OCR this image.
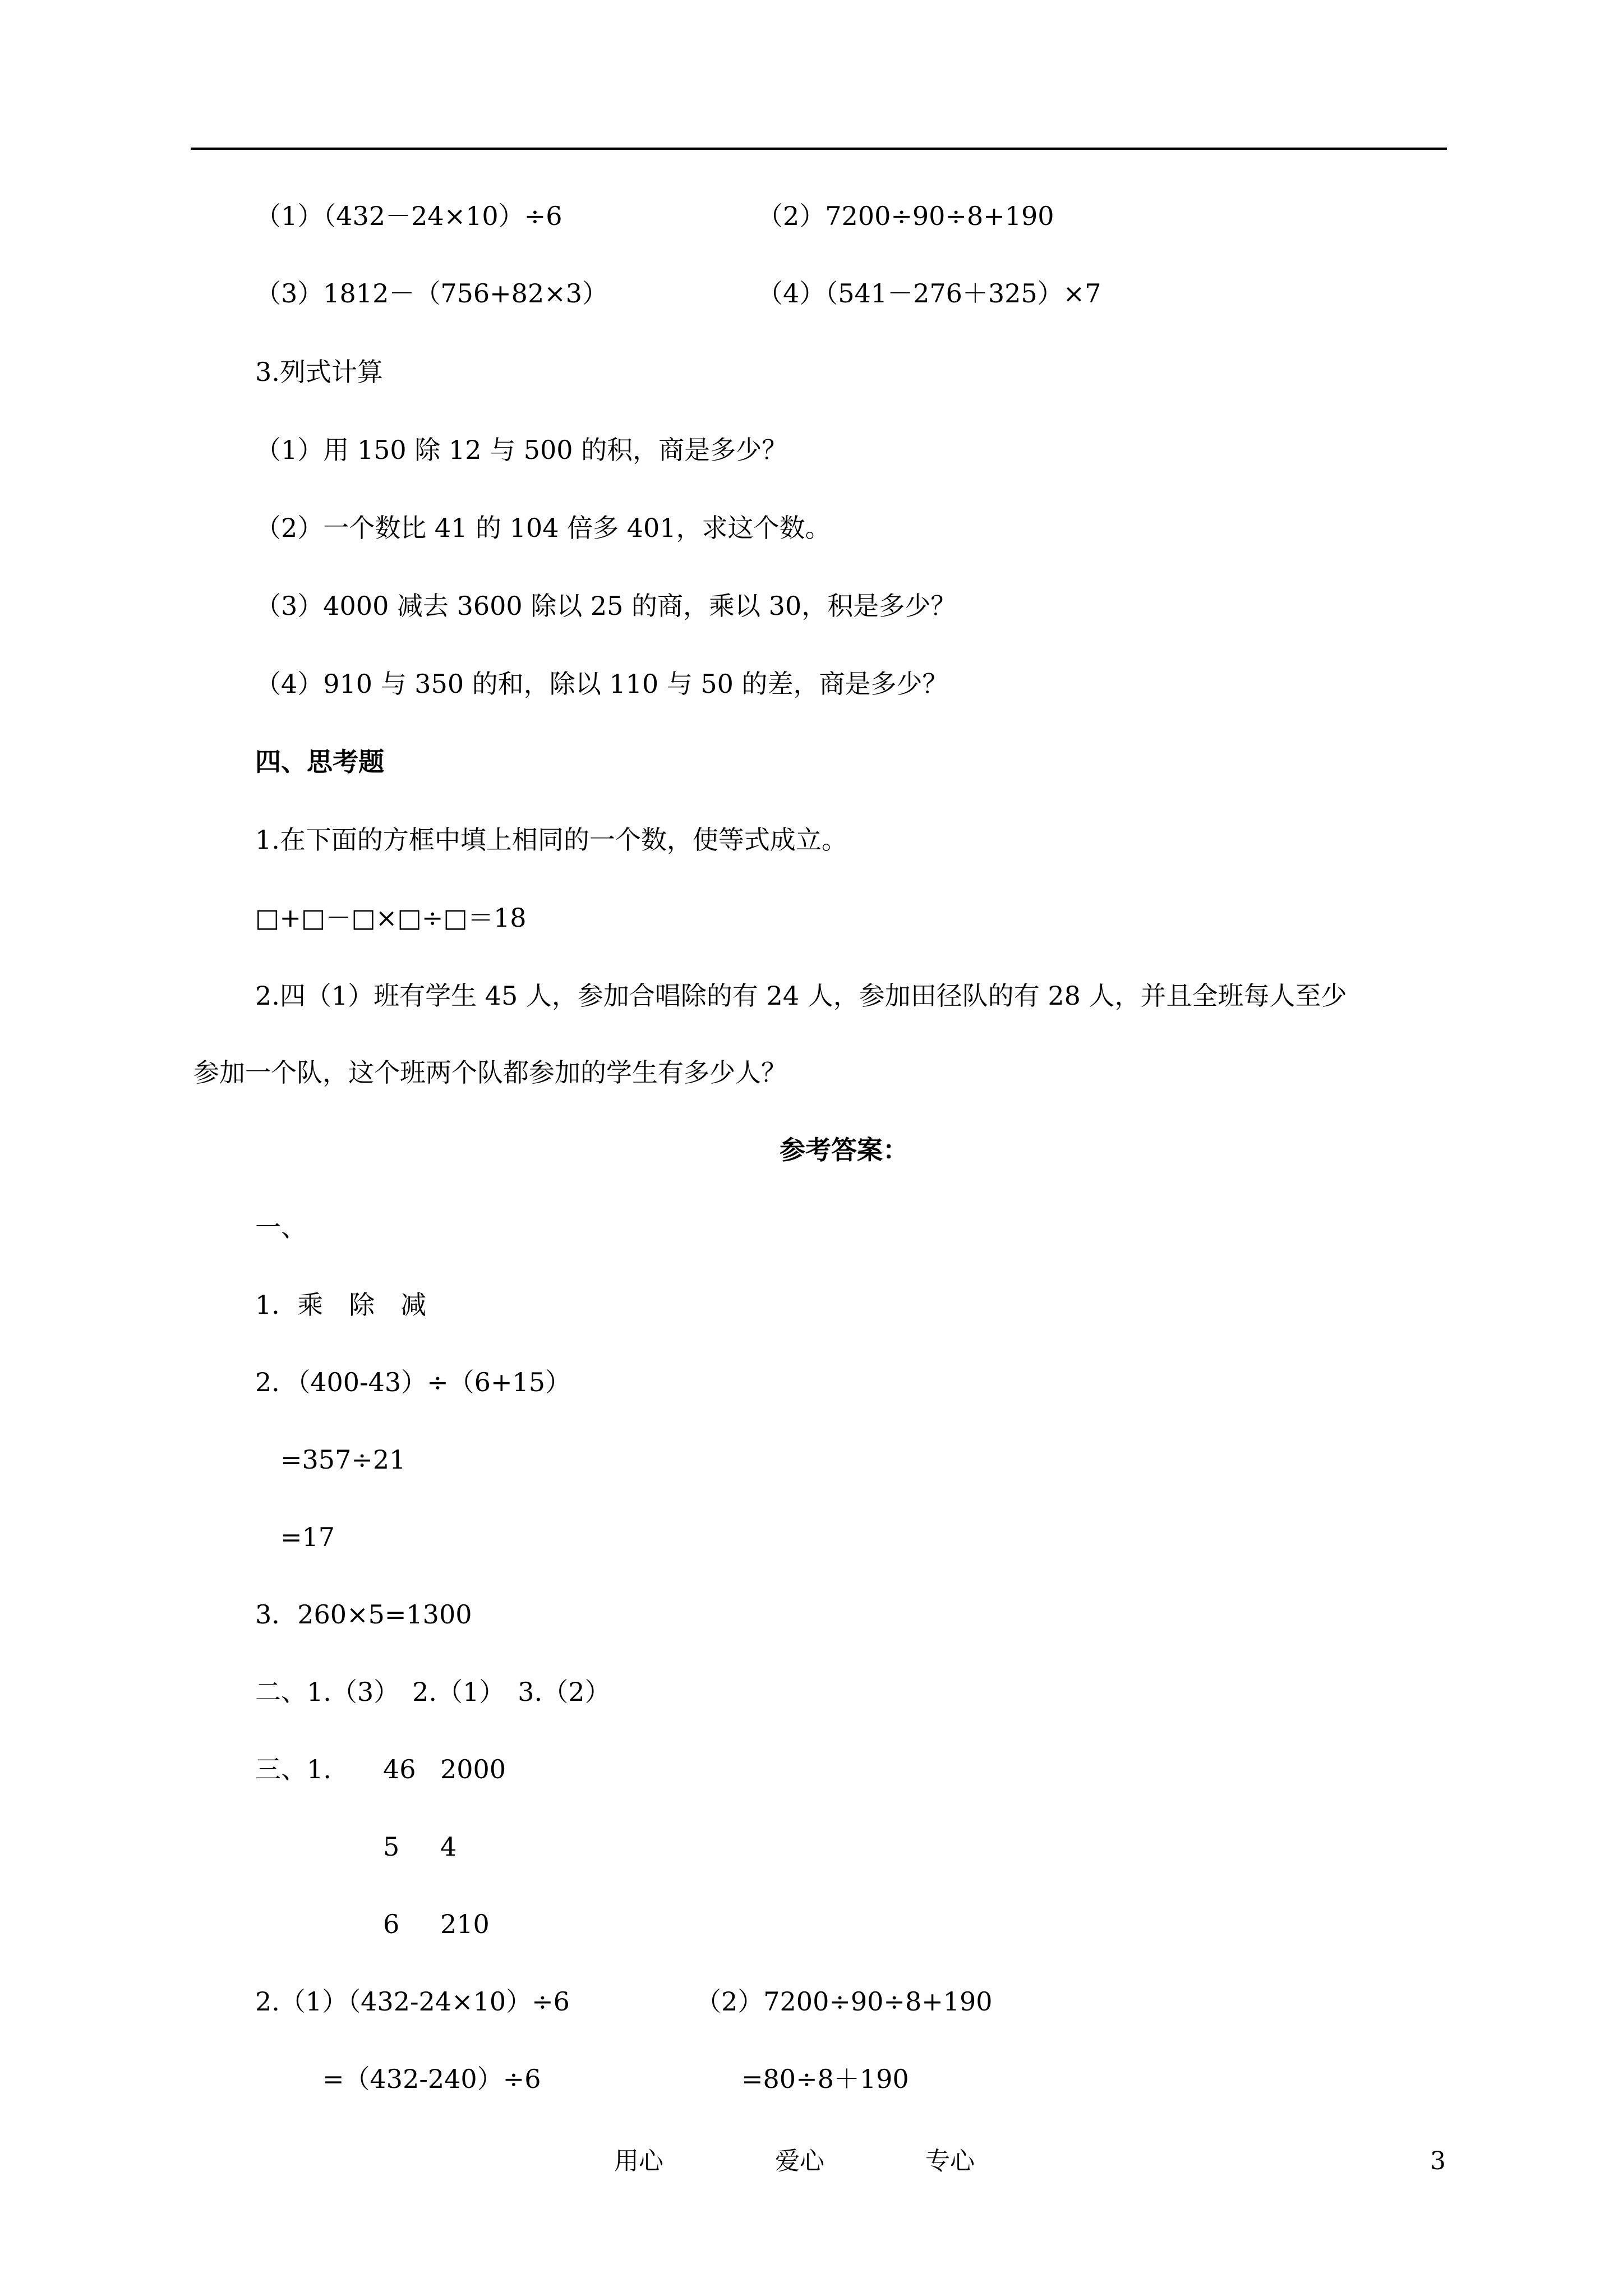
（1）（432－24×10）÷6	（2）7200÷90÷8+190
（3）1812－（756+82×3）	（4）（541－276＋325）×7
3.列式计算
（1）用 150 除 12 与 500 的积，商是多少？
（2）一个数比 41 的 104 倍多 401，求这个数。
（3）4000 减去 3600 除以 25 的商，乘以 30，积是多少？
（4）910 与 350 的和，除以 110 与 50 的差，商是多少？
四、思考题
1.在下面的方框中填上相同的一个数，使等式成立。
□+□－□×□÷□＝18
2.四（1）班有学生 45 人，参加合唱除的有 24 人，参加田径队的有 28 人，并且全班每人至少
参加一个队，这个班两个队都参加的学生有多少人？
参考答案：
一、
1．乘　除　减
2．（400-43）÷（6+15）
=357÷21
=17
3．260×5=1300
二、1.（3）　2.（1）　3.（2）
三、1. 46 2000
5 4
6 210
2.（1）（432-24×10）÷6	（2）7200÷90÷8+190
=（432-240）÷6	=80÷8＋190
用心	爱心	专心	3
